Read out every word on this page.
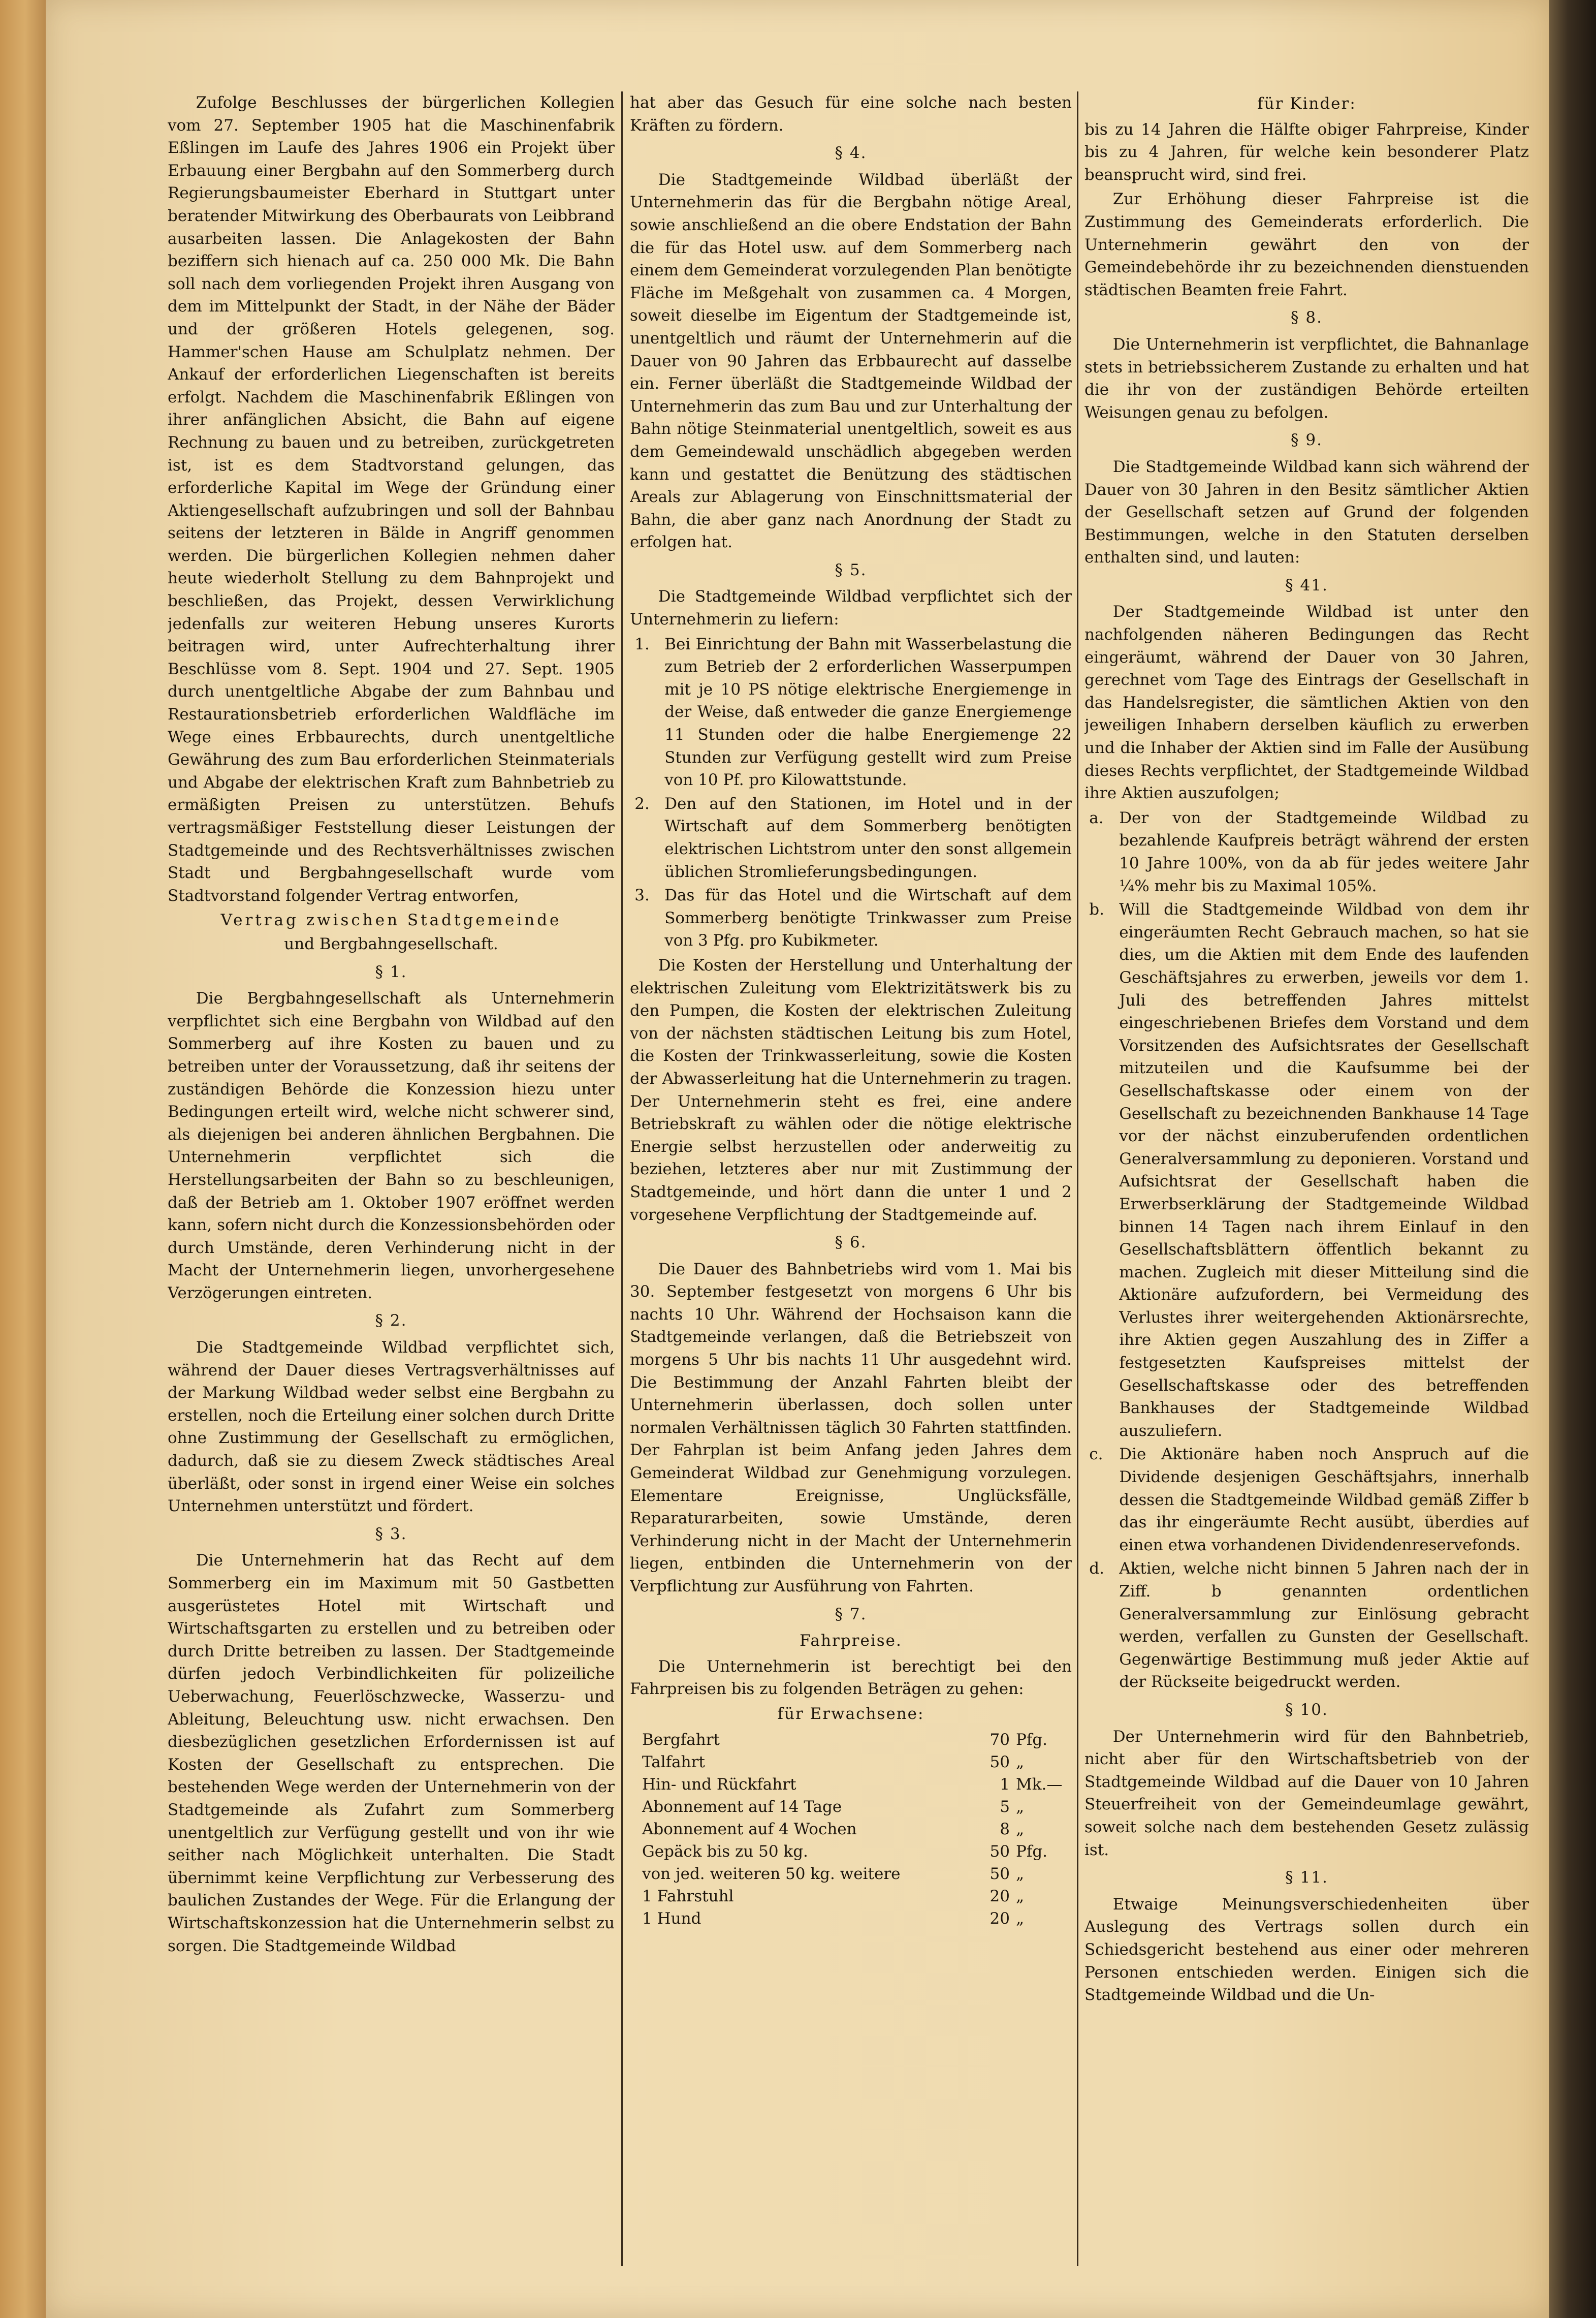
Zufolge Beschlusses der bürgerlichen Kollegien vom 27. September 1905 hat die Maschinenfabrik Eßlingen im Laufe des Jahres 1906 ein Projekt über Erbauung einer Bergbahn auf den Sommerberg durch Regierungsbaumeister Eberhard in Stuttgart unter beratender Mitwirkung des Oberbaurats von Leibbrand ausarbeiten lassen. Die Anlagekosten der Bahn beziffern sich hienach auf ca. 250 000 Mk. Die Bahn soll nach dem vorliegenden Projekt ihren Ausgang von dem im Mittelpunkt der Stadt, in der Nähe der Bäder und der größeren Hotels gelegenen, sog. Hammer'schen Hause am Schulplatz nehmen. Der Ankauf der erforderlichen Liegenschaften ist bereits erfolgt. Nachdem die Maschinenfabrik Eßlingen von ihrer anfänglichen Absicht, die Bahn auf eigene Rechnung zu bauen und zu betreiben, zurückgetreten ist, ist es dem Stadtvorstand gelungen, das erforderliche Kapital im Wege der Gründung einer Aktiengesellschaft aufzubringen und soll der Bahnbau seitens der letzteren in Bälde in Angriff genommen werden. Die bürgerlichen Kollegien nehmen daher heute wiederholt Stellung zu dem Bahnprojekt und beschließen, das Projekt, dessen Verwirklichung jedenfalls zur weiteren Hebung unseres Kurorts beitragen wird, unter Aufrechterhaltung ihrer Beschlüsse vom 8. Sept. 1904 und 27. Sept. 1905 durch unentgeltliche Abgabe der zum Bahnbau und Restaurationsbetrieb erforderlichen Waldfläche im Wege eines Erbbaurechts, durch unentgeltliche Gewährung des zum Bau erforderlichen Steinmaterials und Abgabe der elektrischen Kraft zum Bahnbetrieb zu ermäßigten Preisen zu unterstützen. Behufs vertragsmäßiger Feststellung dieser Leistungen der Stadtgemeinde und des Rechtsverhältnisses zwischen Stadt und Bergbahngesellschaft wurde vom Stadtvorstand folgender Vertrag entworfen,

Vertrag zwischen Stadtgemeinde
und Bergbahngesellschaft.
§ 1.

Die Bergbahngesellschaft als Unternehmerin verpflichtet sich eine Bergbahn von Wildbad auf den Sommerberg auf ihre Kosten zu bauen und zu betreiben unter der Voraussetzung, daß ihr seitens der zuständigen Behörde die Konzession hiezu unter Bedingungen erteilt wird, welche nicht schwerer sind, als diejenigen bei anderen ähnlichen Bergbahnen. Die Unternehmerin verpflichtet sich die Herstellungsarbeiten der Bahn so zu beschleunigen, daß der Betrieb am 1. Oktober 1907 eröffnet werden kann, sofern nicht durch die Konzessionsbehörden oder durch Umstände, deren Verhinderung nicht in der Macht der Unternehmerin liegen, unvorhergesehene Verzögerungen eintreten.

§ 2.

Die Stadtgemeinde Wildbad verpflichtet sich, während der Dauer dieses Vertragsverhältnisses auf der Markung Wildbad weder selbst eine Bergbahn zu erstellen, noch die Erteilung einer solchen durch Dritte ohne Zustimmung der Gesellschaft zu ermöglichen, dadurch, daß sie zu diesem Zweck städtisches Areal überläßt, oder sonst in irgend einer Weise ein solches Unternehmen unterstützt und fördert.

§ 3.

Die Unternehmerin hat das Recht auf dem Sommerberg ein im Maximum mit 50 Gastbetten ausgerüstetes Hotel mit Wirtschaft und Wirtschaftsgarten zu erstellen und zu betreiben oder durch Dritte betreiben zu lassen. Der Stadtgemeinde dürfen jedoch Verbindlichkeiten für polizeiliche Ueberwachung, Feuerlöschzwecke, Wasserzu- und Ableitung, Beleuchtung usw. nicht erwachsen. Den diesbezüglichen gesetzlichen Erfordernissen ist auf Kosten der Gesellschaft zu entsprechen. Die bestehenden Wege werden der Unternehmerin von der Stadtgemeinde als Zufahrt zum Sommerberg unentgeltlich zur Verfügung gestellt und von ihr wie seither nach Möglichkeit unterhalten. Die Stadt übernimmt keine Verpflichtung zur Verbesserung des baulichen Zustandes der Wege. Für die Erlangung der Wirtschaftskonzession hat die Unternehmerin selbst zu sorgen. Die Stadtgemeinde Wildbad

hat aber das Gesuch für eine solche nach besten Kräften zu fördern.

§ 4.

Die Stadtgemeinde Wildbad überläßt der Unternehmerin das für die Bergbahn nötige Areal, sowie anschließend an die obere Endstation der Bahn die für das Hotel usw. auf dem Sommerberg nach einem dem Gemeinderat vorzulegenden Plan benötigte Fläche im Meßgehalt von zusammen ca. 4 Morgen, soweit dieselbe im Eigentum der Stadtgemeinde ist, unentgeltlich und räumt der Unternehmerin auf die Dauer von 90 Jahren das Erbbaurecht auf dasselbe ein. Ferner überläßt die Stadtgemeinde Wildbad der Unternehmerin das zum Bau und zur Unterhaltung der Bahn nötige Steinmaterial unentgeltlich, soweit es aus dem Gemeindewald unschädlich abgegeben werden kann und gestattet die Benützung des städtischen Areals zur Ablagerung von Einschnittsmaterial der Bahn, die aber ganz nach Anordnung der Stadt zu erfolgen hat.

§ 5.

Die Stadtgemeinde Wildbad verpflichtet sich der Unternehmerin zu liefern:

1. Bei Einrichtung der Bahn mit Wasserbelastung die zum Betrieb der 2 erforderlichen Wasserpumpen mit je 10 PS nötige elektrische Energiemenge in der Weise, daß entweder die ganze Energiemenge 11 Stunden oder die halbe Energiemenge 22 Stunden zur Verfügung gestellt wird zum Preise von 10 Pf. pro Kilowattstunde.
2. Den auf den Stationen, im Hotel und in der Wirtschaft auf dem Sommerberg benötigten elektrischen Lichtstrom unter den sonst allgemein üblichen Stromlieferungsbedingungen.
3. Das für das Hotel und die Wirtschaft auf dem Sommerberg benötigte Trinkwasser zum Preise von 3 Pfg. pro Kubikmeter.

Die Kosten der Herstellung und Unterhaltung der elektrischen Zuleitung vom Elektrizitätswerk bis zu den Pumpen, die Kosten der elektrischen Zuleitung von der nächsten städtischen Leitung bis zum Hotel, die Kosten der Trinkwasserleitung, sowie die Kosten der Abwasserleitung hat die Unternehmerin zu tragen. Der Unternehmerin steht es frei, eine andere Betriebskraft zu wählen oder die nötige elektrische Energie selbst herzustellen oder anderweitig zu beziehen, letzteres aber nur mit Zustimmung der Stadtgemeinde, und hört dann die unter 1 und 2 vorgesehene Verpflichtung der Stadtgemeinde auf.

§ 6.

Die Dauer des Bahnbetriebs wird vom 1. Mai bis 30. September festgesetzt von morgens 6 Uhr bis nachts 10 Uhr. Während der Hochsaison kann die Stadtgemeinde verlangen, daß die Betriebszeit von morgens 5 Uhr bis nachts 11 Uhr ausgedehnt wird. Die Bestimmung der Anzahl Fahrten bleibt der Unternehmerin überlassen, doch sollen unter normalen Verhältnissen täglich 30 Fahrten stattfinden. Der Fahrplan ist beim Anfang jeden Jahres dem Gemeinderat Wildbad zur Genehmigung vorzulegen. Elementare Ereignisse, Unglücksfälle, Reparaturarbeiten, sowie Umstände, deren Verhinderung nicht in der Macht der Unternehmerin liegen, entbinden die Unternehmerin von der Verpflichtung zur Ausführung von Fahrten.

§ 7.
Fahrpreise.

Die Unternehmerin ist berechtigt bei den Fahrpreisen bis zu folgenden Beträgen zu gehen:

für Erwachsene:
Bergfahrt	70	Pfg.
Talfahrt	50	„
Hin- und Rückfahrt	1	Mk.—
Abonnement auf 14 Tage	5	„
Abonnement auf 4 Wochen	8	„
Gepäck bis zu 50 kg.	50	Pfg.
von jed. weiteren 50 kg. weitere	50	„
1 Fahrstuhl	20	„
1 Hund	20	„
für Kinder:

bis zu 14 Jahren die Hälfte obiger Fahrpreise, Kinder bis zu 4 Jahren, für welche kein besonderer Platz beansprucht wird, sind frei.

Zur Erhöhung dieser Fahrpreise ist die Zustimmung des Gemeinderats erforderlich. Die Unternehmerin gewährt den von der Gemeindebehörde ihr zu bezeichnenden dienstuenden städtischen Beamten freie Fahrt.

§ 8.

Die Unternehmerin ist verpflichtet, die Bahnanlage stets in betriebssicherem Zustande zu erhalten und hat die ihr von der zuständigen Behörde erteilten Weisungen genau zu befolgen.

§ 9.

Die Stadtgemeinde Wildbad kann sich während der Dauer von 30 Jahren in den Besitz sämtlicher Aktien der Gesellschaft setzen auf Grund der folgenden Bestimmungen, welche in den Statuten derselben enthalten sind, und lauten:

§ 41.

Der Stadtgemeinde Wildbad ist unter den nachfolgenden näheren Bedingungen das Recht eingeräumt, während der Dauer von 30 Jahren, gerechnet vom Tage des Eintrags der Gesellschaft in das Handelsregister, die sämtlichen Aktien von den jeweiligen Inhabern derselben käuflich zu erwerben und die Inhaber der Aktien sind im Falle der Ausübung dieses Rechts verpflichtet, der Stadtgemeinde Wildbad ihre Aktien auszufolgen;

a. Der von der Stadtgemeinde Wildbad zu bezahlende Kaufpreis beträgt während der ersten 10 Jahre 100%, von da ab für jedes weitere Jahr ¼% mehr bis zu Maximal 105%.
b. Will die Stadtgemeinde Wildbad von dem ihr eingeräumten Recht Gebrauch machen, so hat sie dies, um die Aktien mit dem Ende des laufenden Geschäftsjahres zu erwerben, jeweils vor dem 1. Juli des betreffenden Jahres mittelst eingeschriebenen Briefes dem Vorstand und dem Vorsitzenden des Aufsichtsrates der Gesellschaft mitzuteilen und die Kaufsumme bei der Gesellschaftskasse oder einem von der Gesellschaft zu bezeichnenden Bankhause 14 Tage vor der nächst einzuberufenden ordentlichen Generalversammlung zu deponieren. Vorstand und Aufsichtsrat der Gesellschaft haben die Erwerbserklärung der Stadtgemeinde Wildbad binnen 14 Tagen nach ihrem Einlauf in den Gesellschaftsblättern öffentlich bekannt zu machen. Zugleich mit dieser Mitteilung sind die Aktionäre aufzufordern, bei Vermeidung des Verlustes ihrer weitergehenden Aktionärsrechte, ihre Aktien gegen Auszahlung des in Ziffer a festgesetzten Kaufspreises mittelst der Gesellschaftskasse oder des betreffenden Bankhauses der Stadtgemeinde Wildbad auszuliefern.
c. Die Aktionäre haben noch Anspruch auf die Dividende desjenigen Geschäftsjahrs, innerhalb dessen die Stadtgemeinde Wildbad gemäß Ziffer b das ihr eingeräumte Recht ausübt, überdies auf einen etwa vorhandenen Dividendenreservefonds.
d. Aktien, welche nicht binnen 5 Jahren nach der in Ziff. b genannten ordentlichen Generalversammlung zur Einlösung gebracht werden, verfallen zu Gunsten der Gesellschaft. Gegenwärtige Bestimmung muß jeder Aktie auf der Rückseite beigedruckt werden.
§ 10.

Der Unternehmerin wird für den Bahnbetrieb, nicht aber für den Wirtschaftsbetrieb von der Stadtgemeinde Wildbad auf die Dauer von 10 Jahren Steuerfreiheit von der Gemeindeumlage gewährt, soweit solche nach dem bestehenden Gesetz zulässig ist.

§ 11.

Etwaige Meinungsverschiedenheiten über Auslegung des Vertrags sollen durch ein Schiedsgericht bestehend aus einer oder mehreren Personen entschieden werden. Einigen sich die Stadtgemeinde Wildbad und die Un-
